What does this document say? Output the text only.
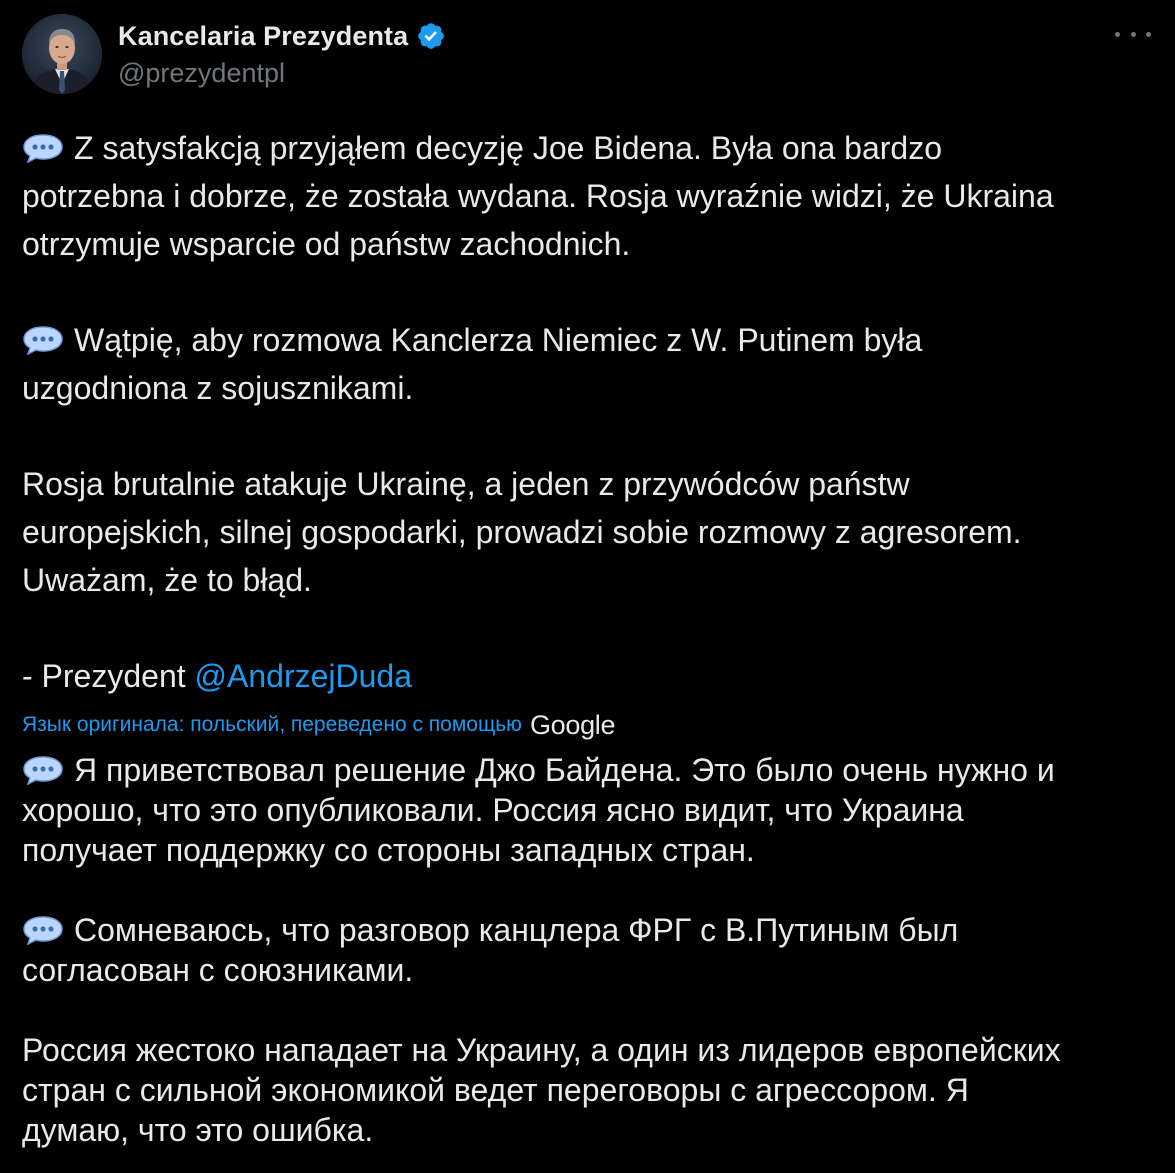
Kancelaria Prezydenta
@prezydentpl

Z satysfakcją przyjąłem decyzję Joe Bidena. Była ona bardzo
potrzebna i dobrze, że została wydana. Rosja wyraźnie widzi, że Ukraina
otrzymuje wsparcie od państw zachodnich.

Wątpię, aby rozmowa Kanclerza Niemiec z W. Putinem była
uzgodniona z sojusznikami.

Rosja brutalnie atakuje Ukrainę, a jeden z przywódców państw
europejskich, silnej gospodarki, prowadzi sobie rozmowy z agresorem.
Uważam, że to błąd.

- Prezydent @AndrzejDuda

Язык оригинала: польский, переведено с помощью Google

Я приветствовал решение Джо Байдена. Это было очень нужно и
хорошо, что это опубликовали. Россия ясно видит, что Украина
получает поддержку со стороны западных стран.

Сомневаюсь, что разговор канцлера ФРГ с В.Путиным был
согласован с союзниками.

Россия жестоко нападает на Украину, а один из лидеров европейских
стран с сильной экономикой ведет переговоры с агрессором. Я
думаю, что это ошибка.
